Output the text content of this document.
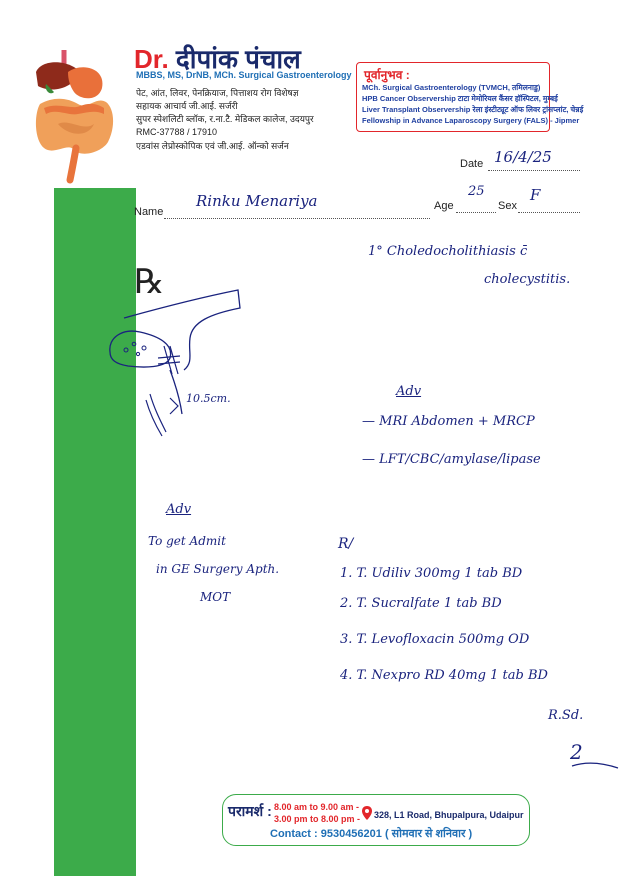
Dr. दीपांक पंचाल
MBBS, MS, DrNB, MCh. Surgical Gastroenterology
पेट, आंत, लिवर, पेनक्रियाज, पित्ताशय रोग विशेषज्ञ
सहायक आचार्य जी.आई. सर्जरी
सुपर स्पेशलिटी ब्लॉक, र.ना.टै. मेडिकल कालेज, उदयपुर
RMC-37788 / 17910
एडवांस लेप्रोस्कोपिक एवं जी.आई. ऑन्को सर्जन
पूर्वानुभव :
MCh. Surgical Gastroenterology (TVMCH, तमिलनाडु)
HPB Cancer Observership टाटा मेमोरियल कैंसर हॉस्पिटल, मुम्बई
Liver Transplant Observership रेला इंस्टीट्यूट ऑफ लिवर ट्रांसप्लांट, चेन्नई
Fellowship in Advance Laparoscopy Surgery (FALS) - Jipmer
Date 16/4/25
Name
Rinku Menariya	Age
25
Sex
F
℞
1° Choledocholithiasis c̄
cholecystitis.
10.5cm.	Adv
— MRI Abdomen + MRCP
— LFT/CBC/amylase/lipase
Adv
To get Admit
in GE Surgery Apth.
MOT
R/
1. T. Udiliv 300mg 1 tab BD
2. T. Sucralfate 1 tab BD
3. T. Levofloxacin 500mg OD
4. T. Nexpro RD 40mg 1 tab BD
R.Sd.
2
परामर्श : 8.00 am to 9.00 am -
3.00 pm to 8.00 pm - 328, L1 Road, Bhupalpura, Udaipur
Contact : 9530456201 ( सोमवार से शनिवार )
